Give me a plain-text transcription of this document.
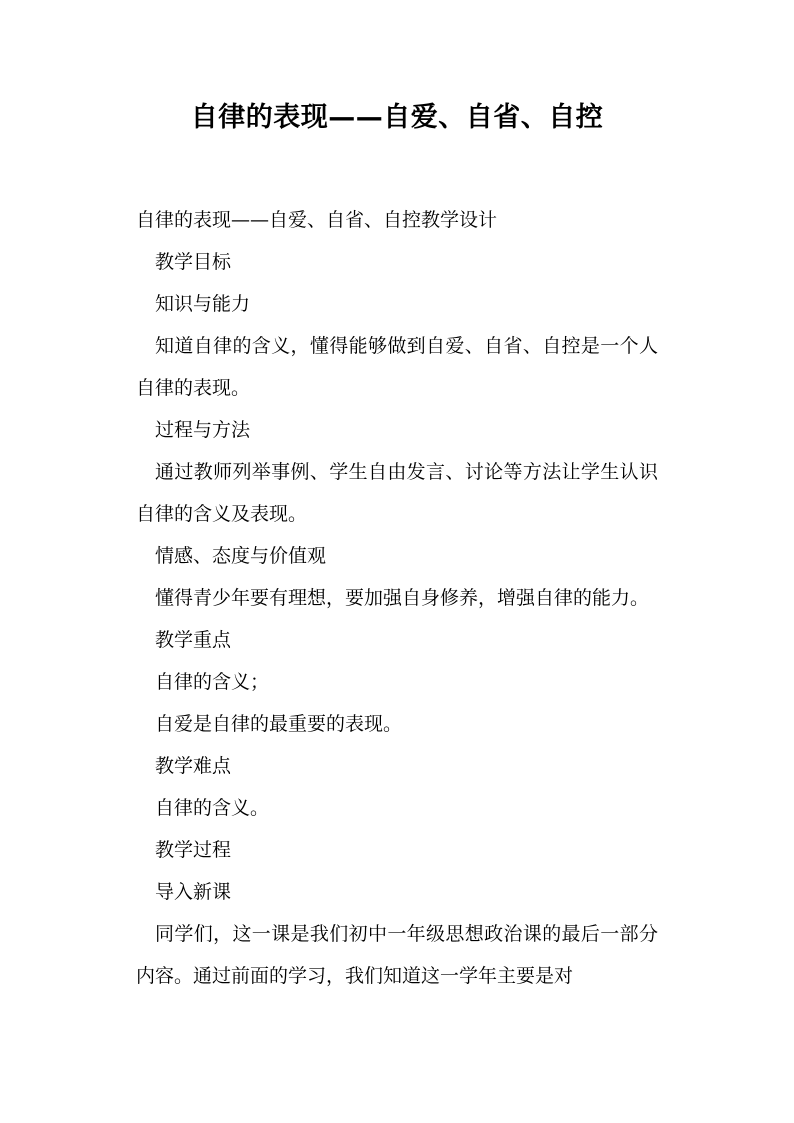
自律的表现——自爱、自省、自控

自律的表现——自爱、自省、自控教学设计

教学目标

知识与能力

知道自律的含义，懂得能够做到自爱、自省、自控是一个人自律的表现。

过程与方法

通过教师列举事例、学生自由发言、讨论等方法让学生认识自律的含义及表现。

情感、态度与价值观

懂得青少年要有理想，要加强自身修养，增强自律的能力。

教学重点

自律的含义；

自爱是自律的最重要的表现。

教学难点

自律的含义。

教学过程

导入新课

同学们，这一课是我们初中一年级思想政治课的最后一部分内容。通过前面的学习，我们知道这一学年主要是对
